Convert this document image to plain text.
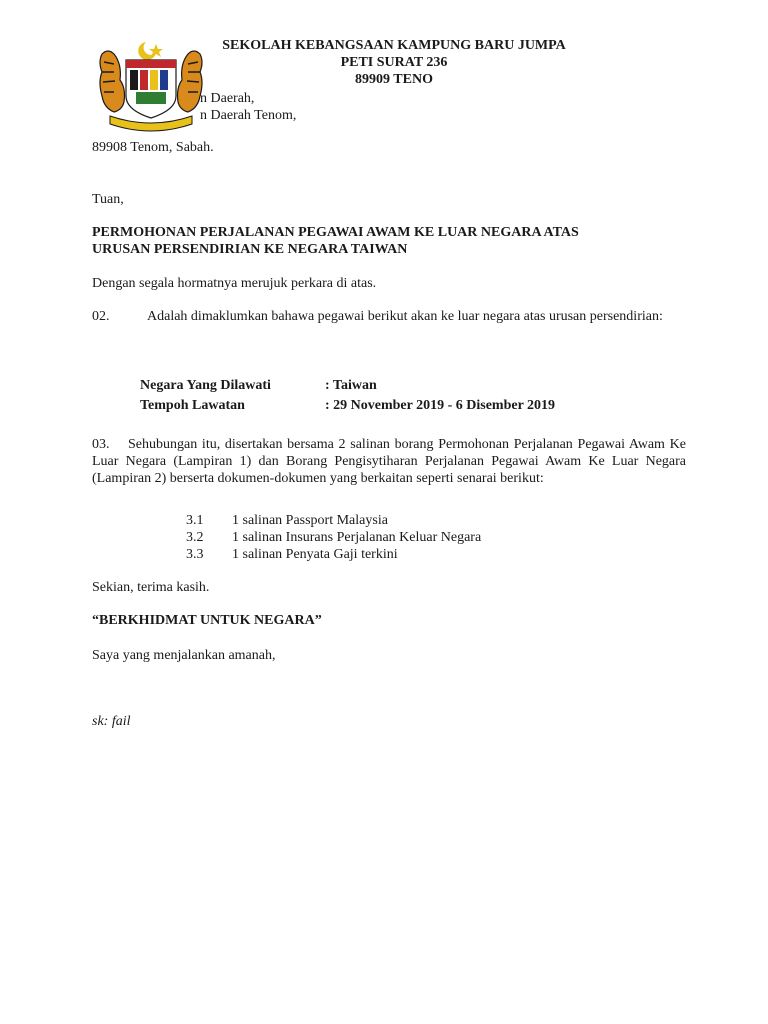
SEKOLAH KEBANGSAAN KAMPUNG BARU JUMPA
PETI SURAT 236
89909 TENO
n Daerah,
n Daerah Tenom,
89908 Tenom, Sabah.
Tuan,
PERMOHONAN PERJALANAN PEGAWAI AWAM KE LUAR NEGARA ATAS
URUSAN PERSENDIRIAN KE NEGARA TAIWAN
Dengan segala hormatnya merujuk perkara di atas.
02.	Adalah dimaklumkan bahawa pegawai berikut akan ke luar negara atas urusan persendirian:
Negara Yang Dilawati	: Taiwan
Tempoh Lawatan	: 29 November 2019 - 6 Disember 2019
03.	Sehubungan itu, disertakan bersama 2 salinan borang Permohonan Perjalanan Pegawai Awam Ke Luar Negara (Lampiran 1) dan Borang Pengisytiharan Perjalanan Pegawai Awam Ke Luar Negara (Lampiran 2) berserta dokumen-dokumen yang berkaitan seperti senarai berikut:
3.1 1 salinan Passport Malaysia
3.2 1 salinan Insurans Perjalanan Keluar Negara
3.3 1 salinan Penyata Gaji terkini
Sekian, terima kasih.
“BERKHIDMAT UNTUK NEGARA”
Saya yang menjalankan amanah,
sk: fail
